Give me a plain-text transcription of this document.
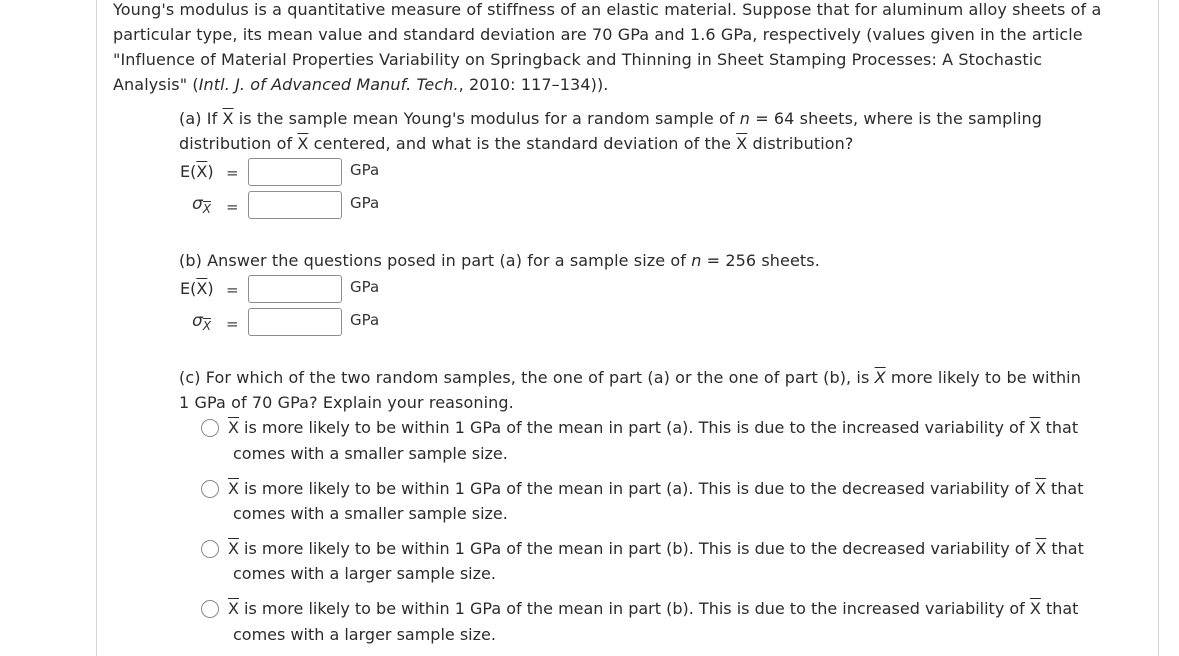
Young's modulus is a quantitative measure of stiffness of an elastic material. Suppose that for aluminum alloy sheets of a
particular type, its mean value and standard deviation are 70 GPa and 1.6 GPa, respectively (values given in the article
"Influence of Material Properties Variability on Springback and Thinning in Sheet Stamping Processes: A Stochastic
Analysis" (Intl. J. of Advanced Manuf. Tech., 2010: 117–134)).
(a) If $\overline{X}$ is the sample mean Young's modulus for a random sample of n = 64 sheets, where is the sampling
distribution of $\overline{X}$ centered, and what is the standard deviation of the $\overline{X}$ distribution?
$E(\overline{X})$ =	GPa
$\sigma_{\overline{X}}$ =	GPa
(b) Answer the questions posed in part (a) for a sample size of n = 256 sheets.
$E(\overline{X})$ =	GPa
$\sigma_{\overline{X}}$ =	GPa
(c) For which of the two random samples, the one of part (a) or the one of part (b), is $\overline{X}$ more likely to be within
1 GPa of 70 GPa? Explain your reasoning.
$\overline{X}$ is more likely to be within 1 GPa of the mean in part (a). This is due to the increased variability of $\overline{X}$ that
comes with a smaller sample size.
$\overline{X}$ is more likely to be within 1 GPa of the mean in part (a). This is due to the decreased variability of $\overline{X}$ that
comes with a smaller sample size.
$\overline{X}$ is more likely to be within 1 GPa of the mean in part (b). This is due to the decreased variability of $\overline{X}$ that
comes with a larger sample size.
$\overline{X}$ is more likely to be within 1 GPa of the mean in part (b). This is due to the increased variability of $\overline{X}$ that
comes with a larger sample size.
